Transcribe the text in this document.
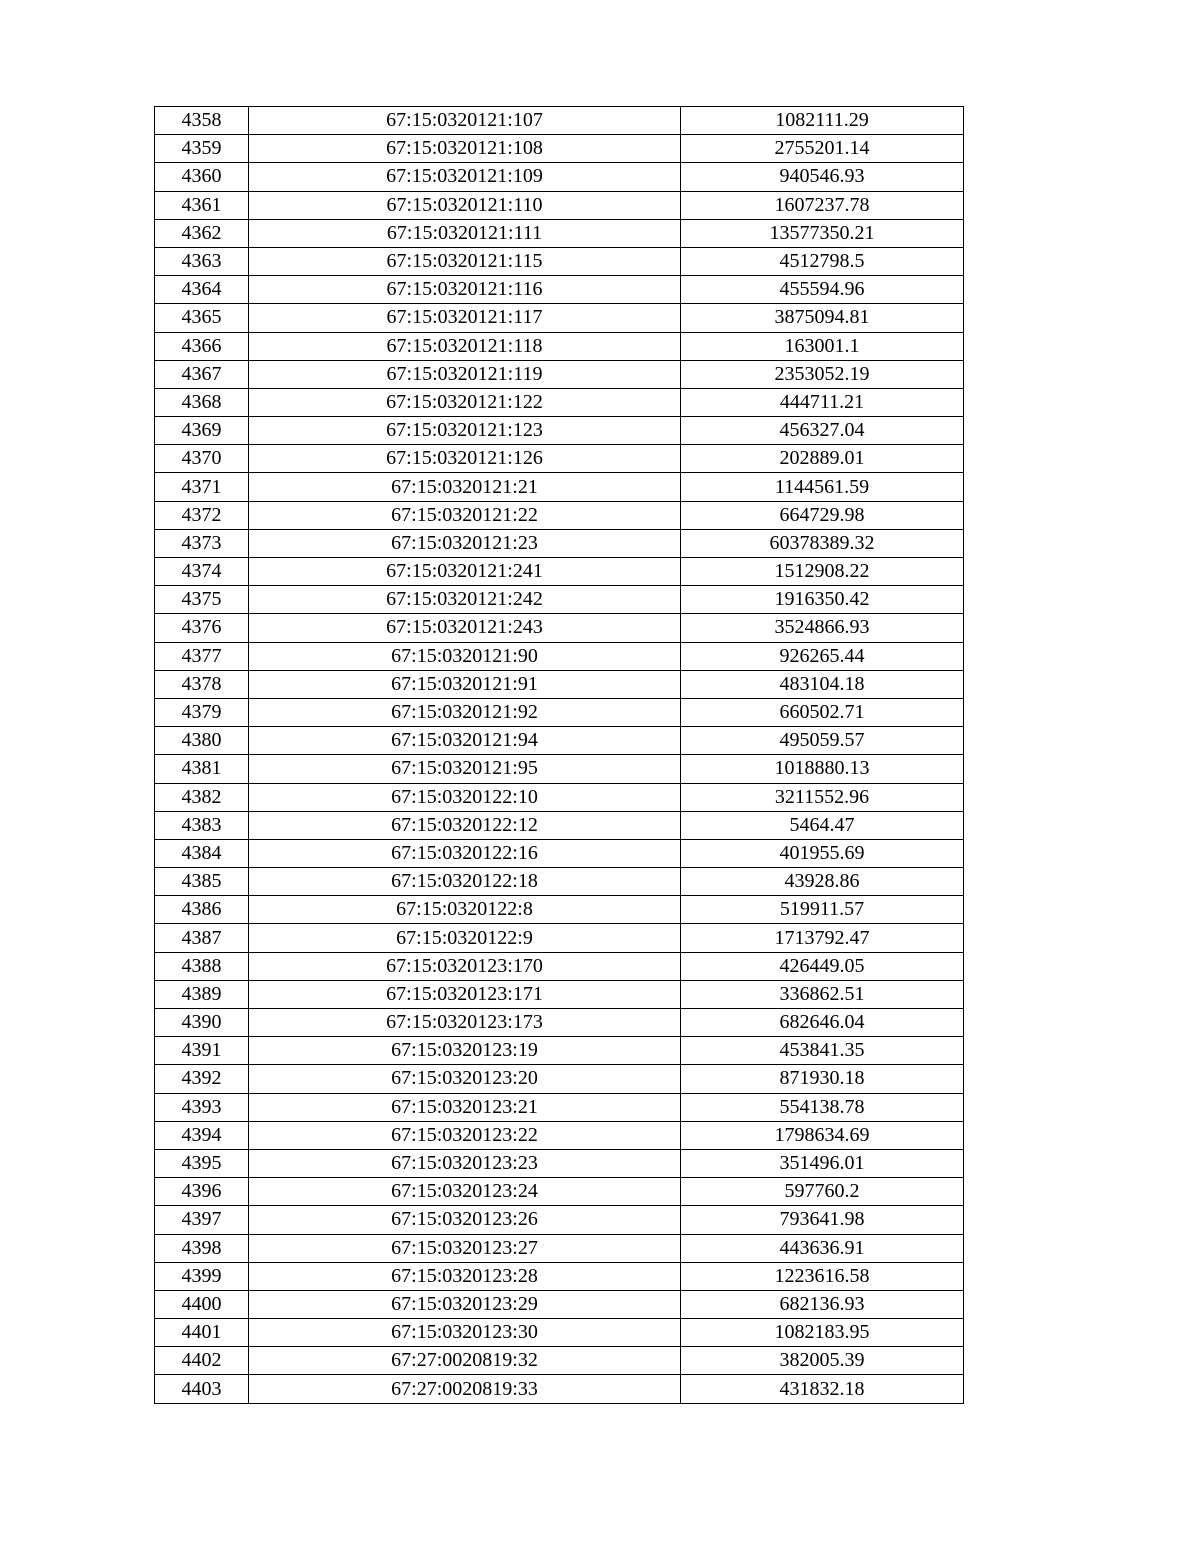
4358	67:15:0320121:107	1082111.29
4359	67:15:0320121:108	2755201.14
4360	67:15:0320121:109	940546.93
4361	67:15:0320121:110	1607237.78
4362	67:15:0320121:111	13577350.21
4363	67:15:0320121:115	4512798.5
4364	67:15:0320121:116	455594.96
4365	67:15:0320121:117	3875094.81
4366	67:15:0320121:118	163001.1
4367	67:15:0320121:119	2353052.19
4368	67:15:0320121:122	444711.21
4369	67:15:0320121:123	456327.04
4370	67:15:0320121:126	202889.01
4371	67:15:0320121:21	1144561.59
4372	67:15:0320121:22	664729.98
4373	67:15:0320121:23	60378389.32
4374	67:15:0320121:241	1512908.22
4375	67:15:0320121:242	1916350.42
4376	67:15:0320121:243	3524866.93
4377	67:15:0320121:90	926265.44
4378	67:15:0320121:91	483104.18
4379	67:15:0320121:92	660502.71
4380	67:15:0320121:94	495059.57
4381	67:15:0320121:95	1018880.13
4382	67:15:0320122:10	3211552.96
4383	67:15:0320122:12	5464.47
4384	67:15:0320122:16	401955.69
4385	67:15:0320122:18	43928.86
4386	67:15:0320122:8	519911.57
4387	67:15:0320122:9	1713792.47
4388	67:15:0320123:170	426449.05
4389	67:15:0320123:171	336862.51
4390	67:15:0320123:173	682646.04
4391	67:15:0320123:19	453841.35
4392	67:15:0320123:20	871930.18
4393	67:15:0320123:21	554138.78
4394	67:15:0320123:22	1798634.69
4395	67:15:0320123:23	351496.01
4396	67:15:0320123:24	597760.2
4397	67:15:0320123:26	793641.98
4398	67:15:0320123:27	443636.91
4399	67:15:0320123:28	1223616.58
4400	67:15:0320123:29	682136.93
4401	67:15:0320123:30	1082183.95
4402	67:27:0020819:32	382005.39
4403	67:27:0020819:33	431832.18
